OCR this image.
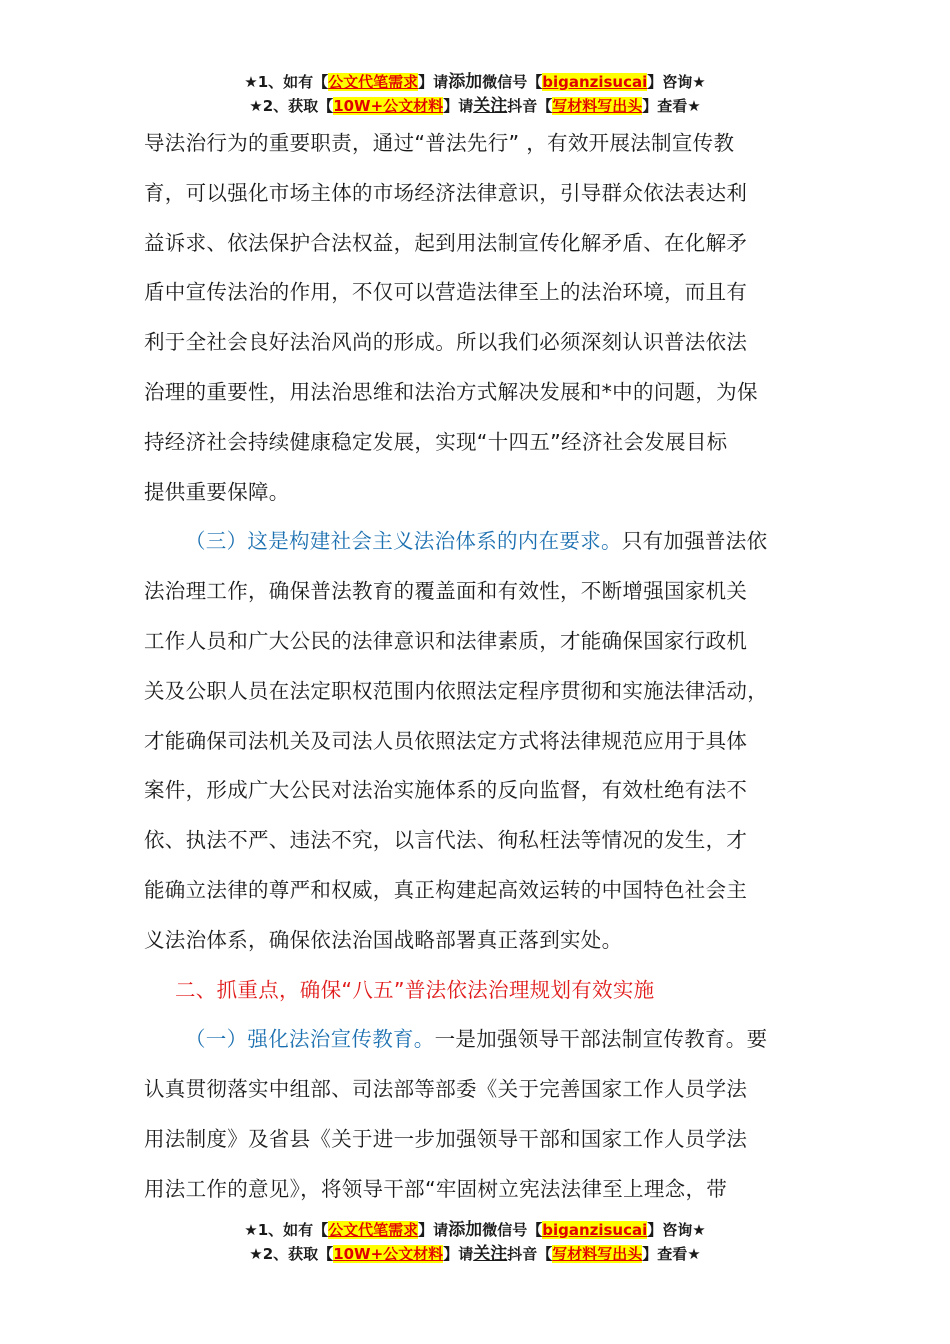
★1、如有【公文代笔需求】请添加微信号【biganzisucai】咨询★
★2、获取【10W+公文材料】请关注抖音【写材料写出头】查看★

导法治行为的重要职责，通过“普法先行” ，有效开展法制宣传教
育，可以强化市场主体的市场经济法律意识，引导群众依法表达利
益诉求、依法保护合法权益，起到用法制宣传化解矛盾、在化解矛
盾中宣传法治的作用，不仅可以营造法律至上的法治环境，而且有
利于全社会良好法治风尚的形成。所以我们必须深刻认识普法依法
治理的重要性，用法治思维和法治方式解决发展和*中的问题，为保
持经济社会持续健康稳定发展，实现“十四五”经济社会发展目标
提供重要保障。

（三）这是构建社会主义法治体系的内在要求。只有加强普法依
法治理工作，确保普法教育的覆盖面和有效性，不断增强国家机关
工作人员和广大公民的法律意识和法律素质，才能确保国家行政机
关及公职人员在法定职权范围内依照法定程序贯彻和实施法律活动，
才能确保司法机关及司法人员依照法定方式将法律规范应用于具体
案件，形成广大公民对法治实施体系的反向监督，有效杜绝有法不
依、执法不严、违法不究，以言代法、徇私枉法等情况的发生，才
能确立法律的尊严和权威，真正构建起高效运转的中国特色社会主
义法治体系，确保依法治国战略部署真正落到实处。

二、抓重点，确保“八五”普法依法治理规划有效实施

（一）强化法治宣传教育。一是加强领导干部法制宣传教育。要
认真贯彻落实中组部、司法部等部委《关于完善国家工作人员学法
用法制度》及省县《关于进一步加强领导干部和国家工作人员学法
用法工作的意见》，将领导干部“牢固树立宪法法律至上理念，带

★1、如有【公文代笔需求】请添加微信号【biganzisucai】咨询★
★2、获取【10W+公文材料】请关注抖音【写材料写出头】查看★
